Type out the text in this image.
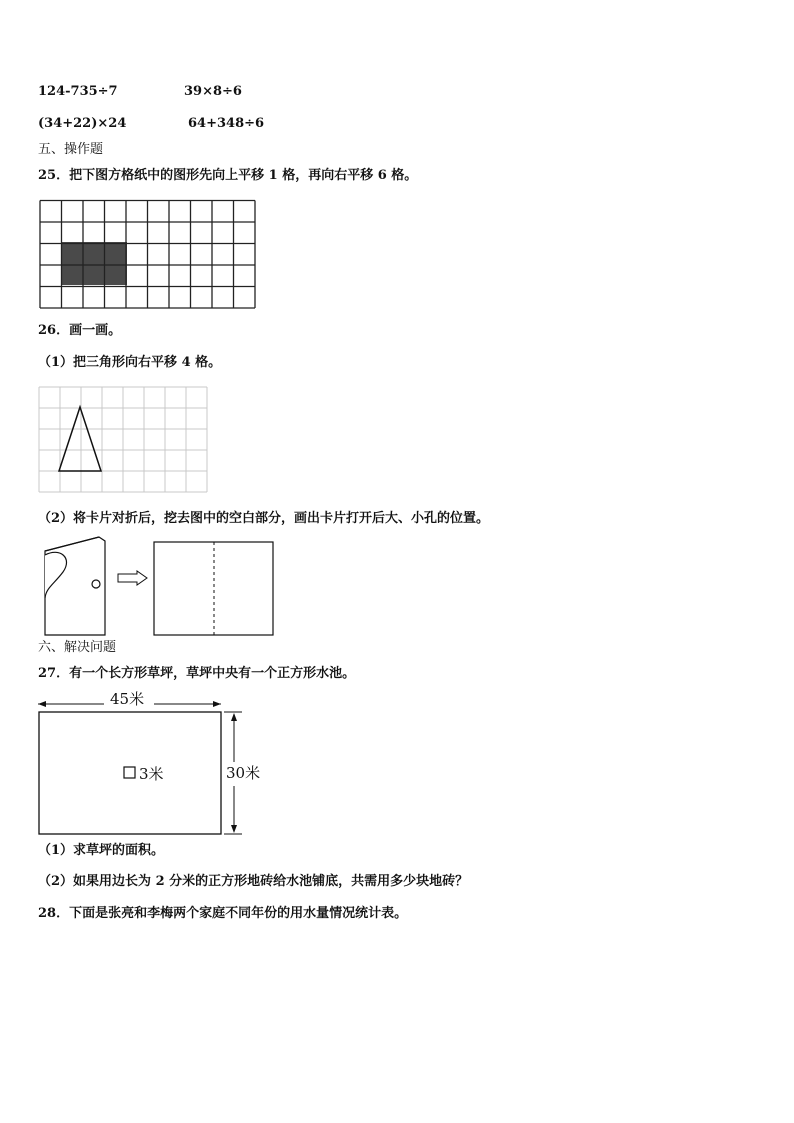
124-735÷7	39×8÷6
(34+22)×24	64+348÷6
五、操作题
25．把下图方格纸中的图形先向上平移 1 格，再向右平移 6 格。
26．画一画。
（1）把三角形向右平移 4 格。
（2）将卡片对折后，挖去图中的空白部分，画出卡片打开后大、小孔的位置。
六、解决问题
27．有一个长方形草坪，草坪中央有一个正方形水池。
45米
30米
3米
（1）求草坪的面积。
（2）如果用边长为 2 分米的正方形地砖给水池铺底，共需用多少块地砖？
28．下面是张亮和李梅两个家庭不同年份的用水量情况统计表。
